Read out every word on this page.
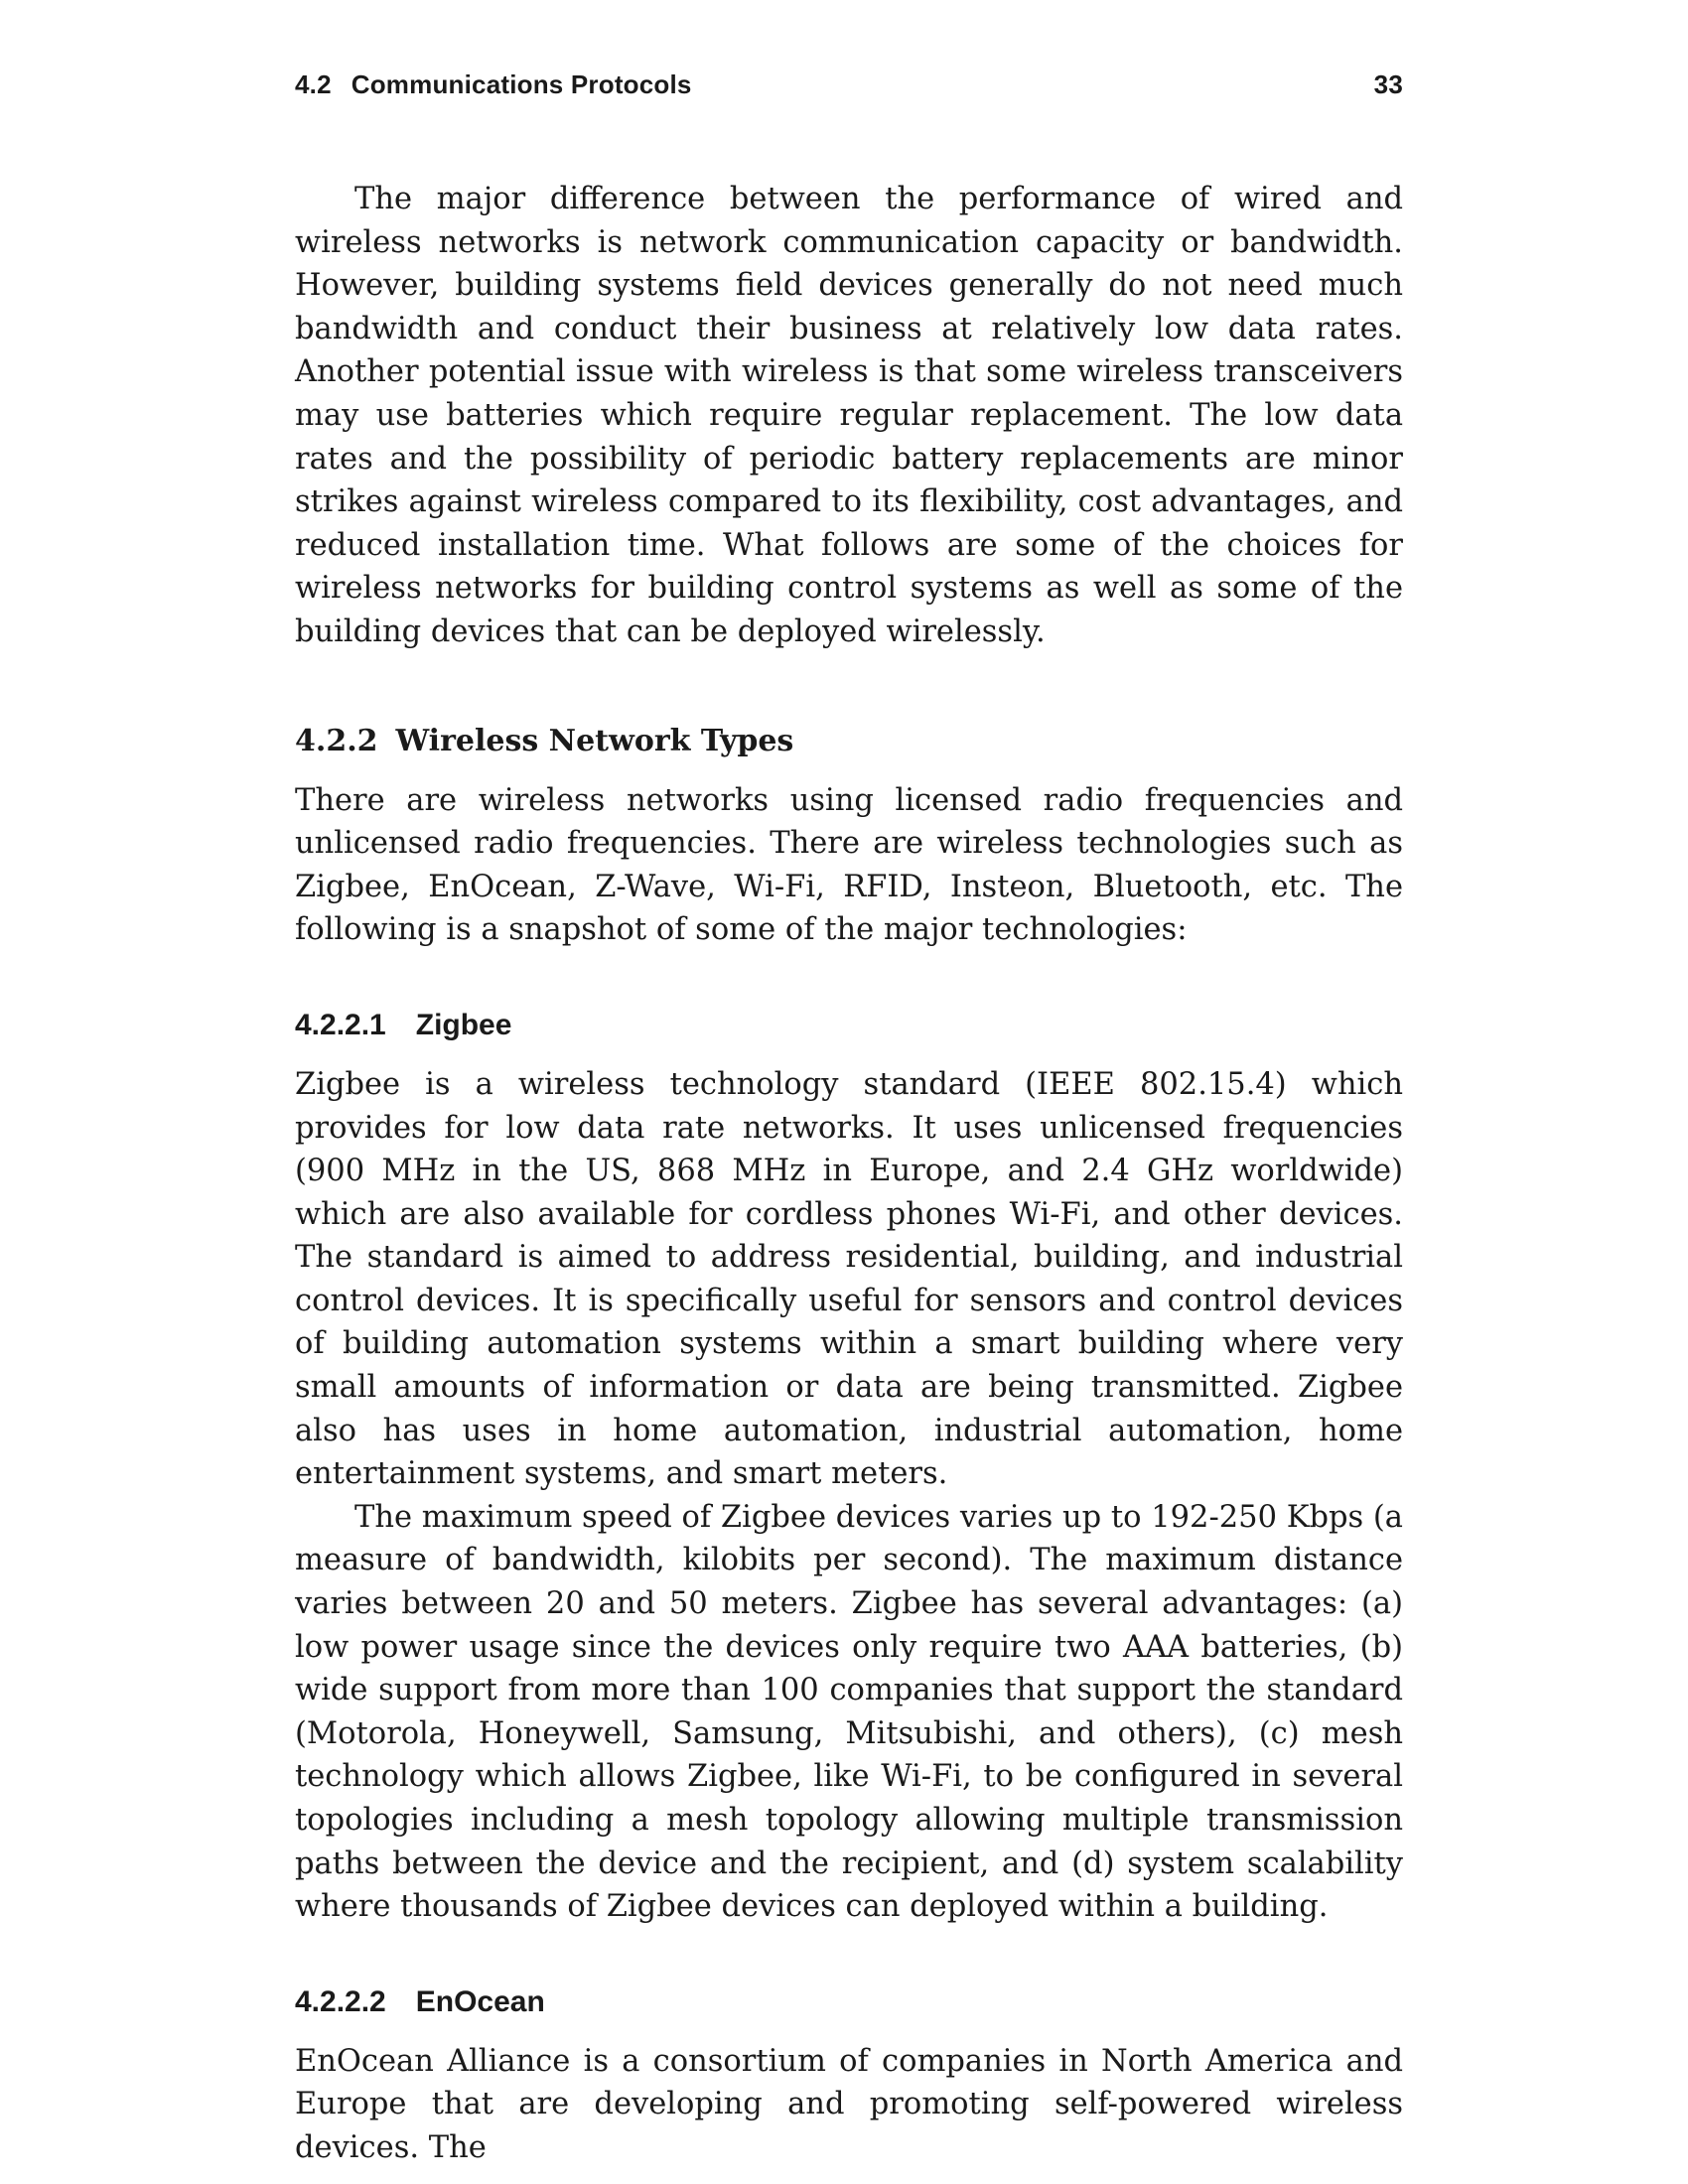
4.2 Communications Protocols	33

The major difference between the performance of wired and wireless networks is network communication capacity or bandwidth. However, building systems field devices generally do not need much bandwidth and conduct their business at relatively low data rates. Another potential issue with wireless is that some wireless transceivers may use batteries which require regular replacement. The low data rates and the possibility of periodic battery replacements are minor strikes against wireless compared to its flexibility, cost advantages, and reduced installation time. What follows are some of the choices for wireless networks for building control systems as well as some of the building devices that can be deployed wirelessly.

4.2.2 Wireless Network Types

There are wireless networks using licensed radio frequencies and unlicensed radio frequencies. There are wireless technologies such as Zigbee, EnOcean, Z-Wave, Wi-Fi, RFID, Insteon, Bluetooth, etc. The following is a snapshot of some of the major technologies:

4.2.2.1 Zigbee

Zigbee is a wireless technology standard (IEEE 802.15.4) which provides for low data rate networks. It uses unlicensed frequencies (900 MHz in the US, 868 MHz in Europe, and 2.4 GHz worldwide) which are also available for cordless phones Wi-Fi, and other devices. The standard is aimed to address residential, building, and industrial control devices. It is specifically useful for sensors and control devices of building automation systems within a smart building where very small amounts of information or data are being transmitted. Zigbee also has uses in home automation, industrial automation, home entertainment systems, and smart meters.

The maximum speed of Zigbee devices varies up to 192-250 Kbps (a measure of bandwidth, kilobits per second). The maximum distance varies between 20 and 50 meters. Zigbee has several advantages: (a) low power usage since the devices only require two AAA batteries, (b) wide support from more than 100 companies that support the standard (Motorola, Honeywell, Samsung, Mitsubishi, and others), (c) mesh technology which allows Zigbee, like Wi-Fi, to be configured in several topologies including a mesh topology allowing multiple transmission paths between the device and the recipient, and (d) system scalability where thousands of Zigbee devices can deployed within a building.

4.2.2.2 EnOcean

EnOcean Alliance is a consortium of companies in North America and Europe that are developing and promoting self-powered wireless devices. The
